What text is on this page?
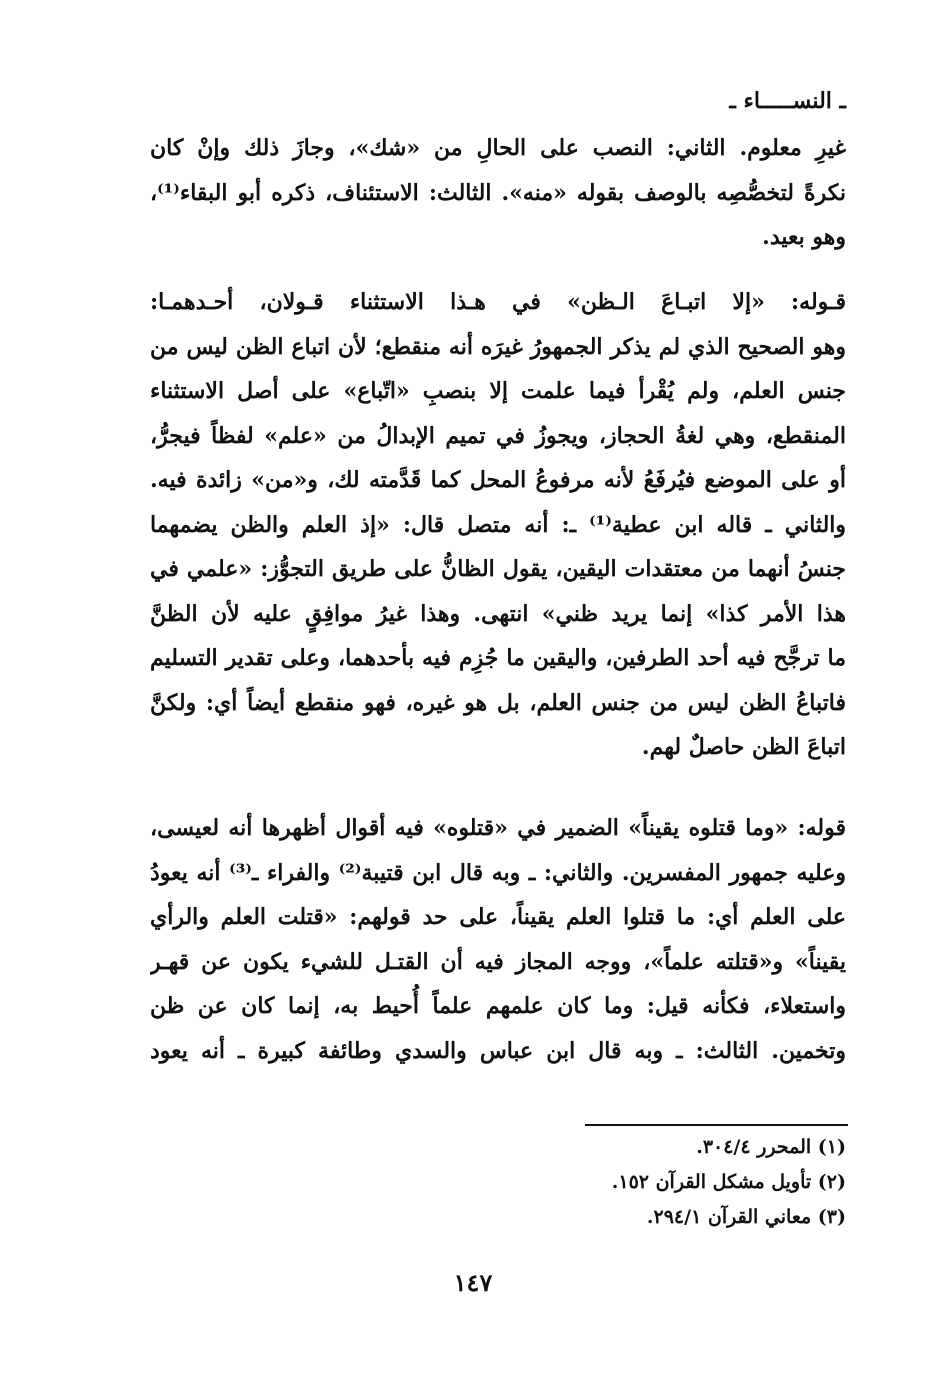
ـ النســـــاء ـ
غيرِ معلوم. الثاني: النصب على الحالِ من «شك»، وجازَ ذلك وإنْ كان
نكرةً لتخصُّصِه بالوصف بقوله «منه». الثالث: الاستئناف، ذكره أبو البقاء⁽¹⁾،
وهو بعيد.
قـوله: «إلا اتبـاعَ الـظن» في هـذا الاستثناء قـولان، أحـدهمـا:
وهو الصحيح الذي لم يذكر الجمهورُ غيرَه أنه منقطع؛ لأن اتباع الظن ليس من
جنس العلم، ولم يُقْرأ فيما علمت إلا بنصبِ «اتّباع» على أصل الاستثناء
المنقطع، وهي لغةُ الحجاز، ويجوزُ في تميم الإبدالُ من «علم» لفظاً فيجرُّ،
أو على الموضع فيُرفَعُ لأنه مرفوعُ المحل كما قَدَّمته لك، و«من» زائدة فيه.
والثاني ـ قاله ابن عطية⁽¹⁾ ـ: أنه متصل قال: «إذ العلم والظن يضمهما
جنسُ أنهما من معتقدات اليقين، يقول الظانُّ على طريق التجوُّز: «علمي في
هذا الأمر كذا» إنما يريد ظني» انتهى. وهذا غيرُ موافِقٍ عليه لأن الظنَّ
ما ترجَّح فيه أحد الطرفين، واليقين ما جُزِم فيه بأحدهما، وعلى تقدير التسليم
فاتباعُ الظن ليس من جنس العلم، بل هو غيره، فهو منقطع أيضاً أي: ولكنَّ
اتباعَ الظن حاصلٌ لهم.
قوله: «وما قتلوه يقيناً» الضمير في «قتلوه» فيه أقوال أظهرها أنه لعيسى،
وعليه جمهور المفسرين. والثاني: ـ وبه قال ابن قتيبة⁽²⁾ والفراء ـ⁽³⁾ أنه يعودُ
على العلم أي: ما قتلوا العلم يقيناً، على حد قولهم: «قتلت العلم والرأي
يقيناً» و«قتلته علماً»، ووجه المجاز فيه أن القتـل للشيء يكون عن قهـر
واستعلاء، فكأنه قيل: وما كان علمهم علماً أُحيط به، إنما كان عن ظن
وتخمين. الثالث: ـ وبه قال ابن عباس والسدي وطائفة كبيرة ـ أنه يعود
(١) المحرر ٣٠٤/٤.
(٢) تأويل مشكل القرآن ١٥٢.
(٣) معاني القرآن ٢٩٤/١.
١٤٧
